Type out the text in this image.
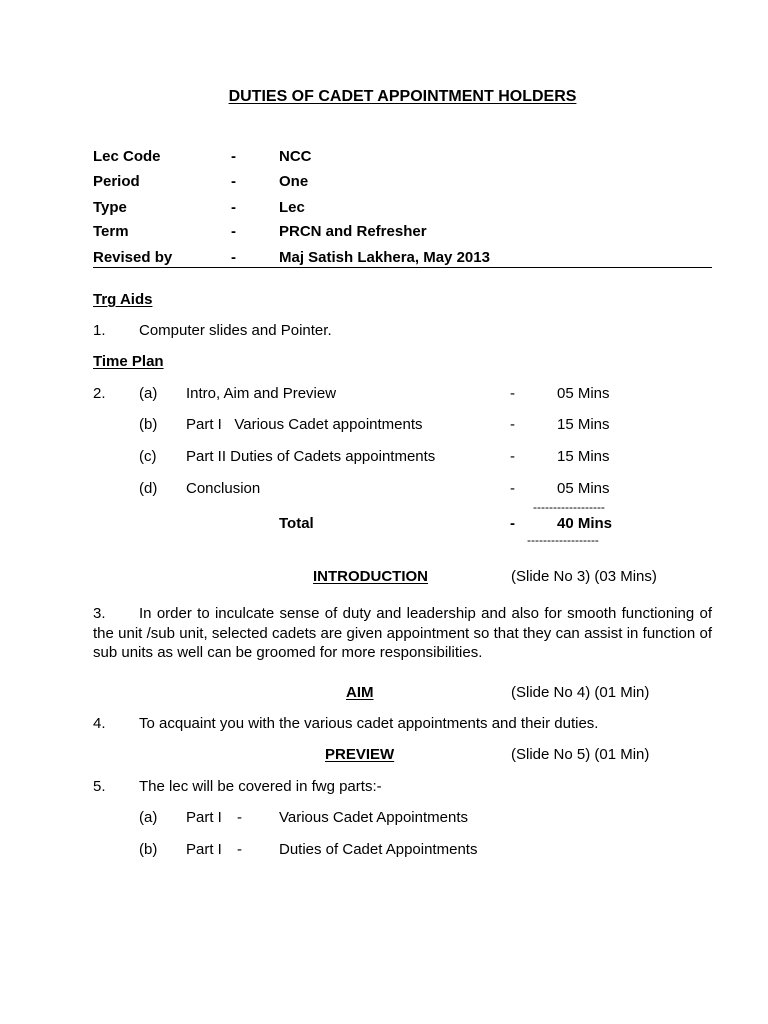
DUTIES OF CADET APPOINTMENT HOLDERS
Lec Code	-	NCC
Period	-	One
Type	-	Lec
Term	-	PRCN and Refresher
Revised by	-	Maj Satish Lakhera, May 2013
Trg Aids
1. Computer slides and Pointer.
Time Plan
2. (a) Intro, Aim and Preview	-	05 Mins
(b) Part I   Various Cadet appointments	-	15 Mins
(c) Part II Duties of Cadets appointments	-	15 Mins
(d) Conclusion	-	05 Mins
------------------
Total	-	40 Mins
------------------
INTRODUCTION	(Slide No 3) (03 Mins)
3. In order to inculcate sense of duty and leadership and also for smooth functioning of the unit /sub unit, selected cadets are given appointment so that they can assist in function of sub units as well can be groomed for more responsibilities.
AIM	(Slide No 4) (01 Min)
4. To acquaint you with the various cadet appointments and their duties.
PREVIEW	(Slide No 5) (01 Min)
5. The lec will be covered in fwg parts:-
(a) Part I - Various Cadet Appointments
(b) Part I - Duties of Cadet Appointments
